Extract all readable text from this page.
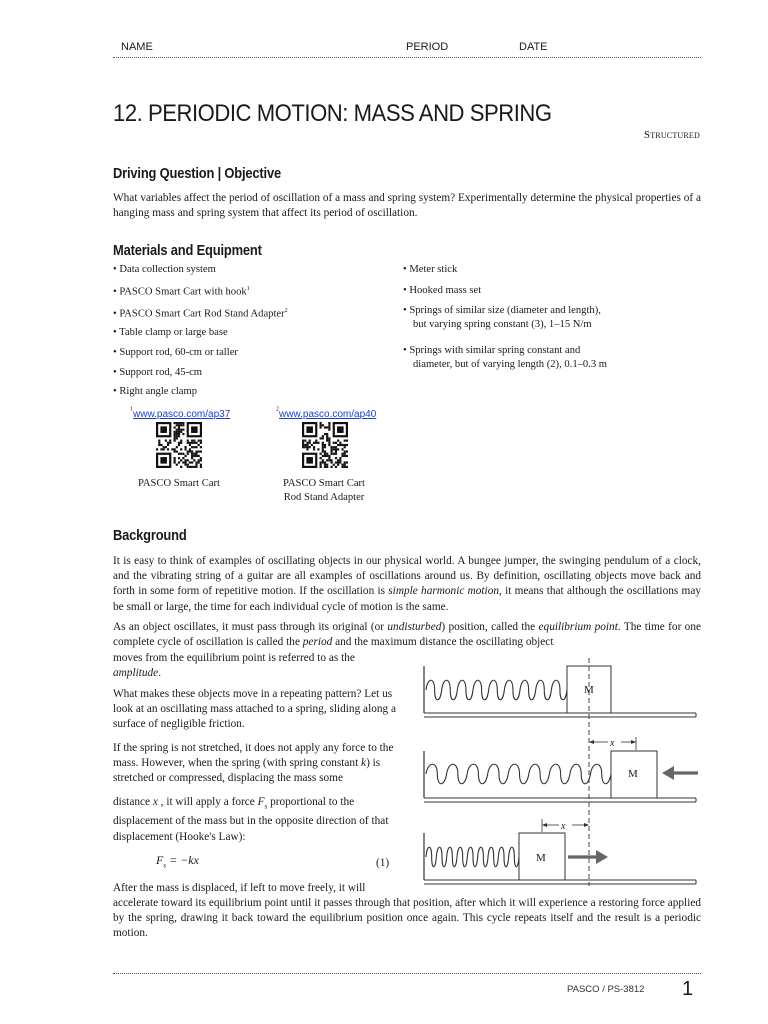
NAME	PERIOD	DATE
12. PERIODIC MOTION: MASS AND SPRING
Structured
Driving Question | Objective
What variables affect the period of oscillation of a mass and spring system? Experimentally determine the physical properties of a hanging mass and spring system that affect its period of oscillation.
Materials and Equipment
• Data collection system
• PASCO Smart Cart with hook$^1$
• PASCO Smart Cart Rod Stand Adapter$^2$
• Table clamp or large base
• Support rod, 60-cm or taller
• Support rod, 45-cm
• Right angle clamp
• Meter stick
• Hooked mass set
• Springs of similar size (diameter and length),
but varying spring constant (3), 1–15 N/m
• Springs with similar spring constant and
diameter, but of varying length (2), 0.1–0.3 m
$^1$www.pasco.com/ap37
PASCO Smart Cart
$^2$www.pasco.com/ap40
PASCO Smart Cart
Rod Stand Adapter
Background
It is easy to think of examples of oscillating objects in our physical world. A bungee jumper, the swinging pendulum of a clock, and the vibrating string of a guitar are all examples of oscillations around us. By definition, oscillating objects move back and forth in some form of repetitive motion. If the oscillation is simple harmonic motion, it means that although the oscillations may be small or large, the time for each individual cycle of motion is the same.
As an object oscillates, it must pass through its original (or undisturbed) position, called the equilibrium point. The time for one complete cycle of oscillation is called the period and the maximum distance the oscillating object
moves from the equilibrium point is referred to as the
amplitude.
What makes these objects move in a repeating pattern? Let us look at an oscillating mass attached to a spring, sliding along a surface of negligible friction.
If the spring is not stretched, it does not apply any force to the mass. However, when the spring (with spring constant k) is stretched or compressed, displacing the mass some
distance x , it will apply a force $F_s$ proportional to the displacement of the mass but in the opposite direction of that displacement (Hooke's Law):
$F_s = -kx$	(1)
After the mass is displaced, if left to move freely, it will
accelerate toward its equilibrium point until it passes through that position, after which it will experience a restoring force applied by the spring, drawing it back toward the equilibrium position once again. This cycle repeats itself and the result is a periodic motion.
M
M
x
M
x
PASCO / PS-3812 1
